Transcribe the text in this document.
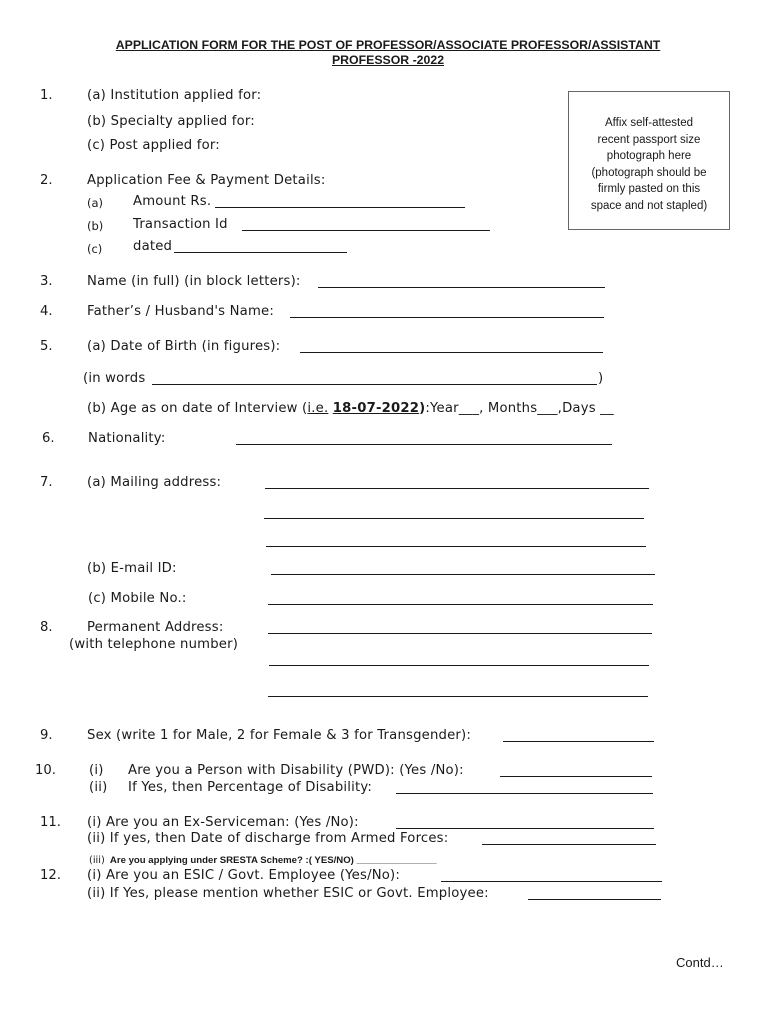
APPLICATION FORM FOR THE POST OF PROFESSOR/ASSOCIATE PROFESSOR/ASSISTANT
PROFESSOR -2022
Affix self-attested
recent passport size
photograph here
(photograph should be
firmly pasted on this
space and not stapled)
1.	(a) Institution applied for:
(b) Specialty applied for:
(c) Post applied for:
2.	Application Fee & Payment Details:
(a) Amount Rs.
(b) Transaction Id
(c) dated
3.	Name (in full) (in block letters):
4.	Father’s / Husband's Name:
5.	(a) Date of Birth (in figures):
(in words	)
(b) Age as on date of Interview (i.e. 18-07-2022):Year___, Months___,Days __
6.	Nationality:
7.	(a) Mailing address:
(b) E-mail ID:
(c) Mobile No.:
8.	Permanent Address:
(with telephone number)
9.	Sex (write 1 for Male, 2 for Female & 3 for Transgender):
10.	(i) Are you a Person with Disability (PWD): (Yes /No):
(ii) If Yes, then Percentage of Disability:
11. (i) Are you an Ex-Serviceman: (Yes /No):
(ii) If yes, then Date of discharge from Armed Forces:
(iii) Are you applying under SRESTA Scheme? :( YES/NO) _______________
12. (i) Are you an ESIC / Govt. Employee (Yes/No):
(ii) If Yes, please mention whether ESIC or Govt. Employee:
Contd…
